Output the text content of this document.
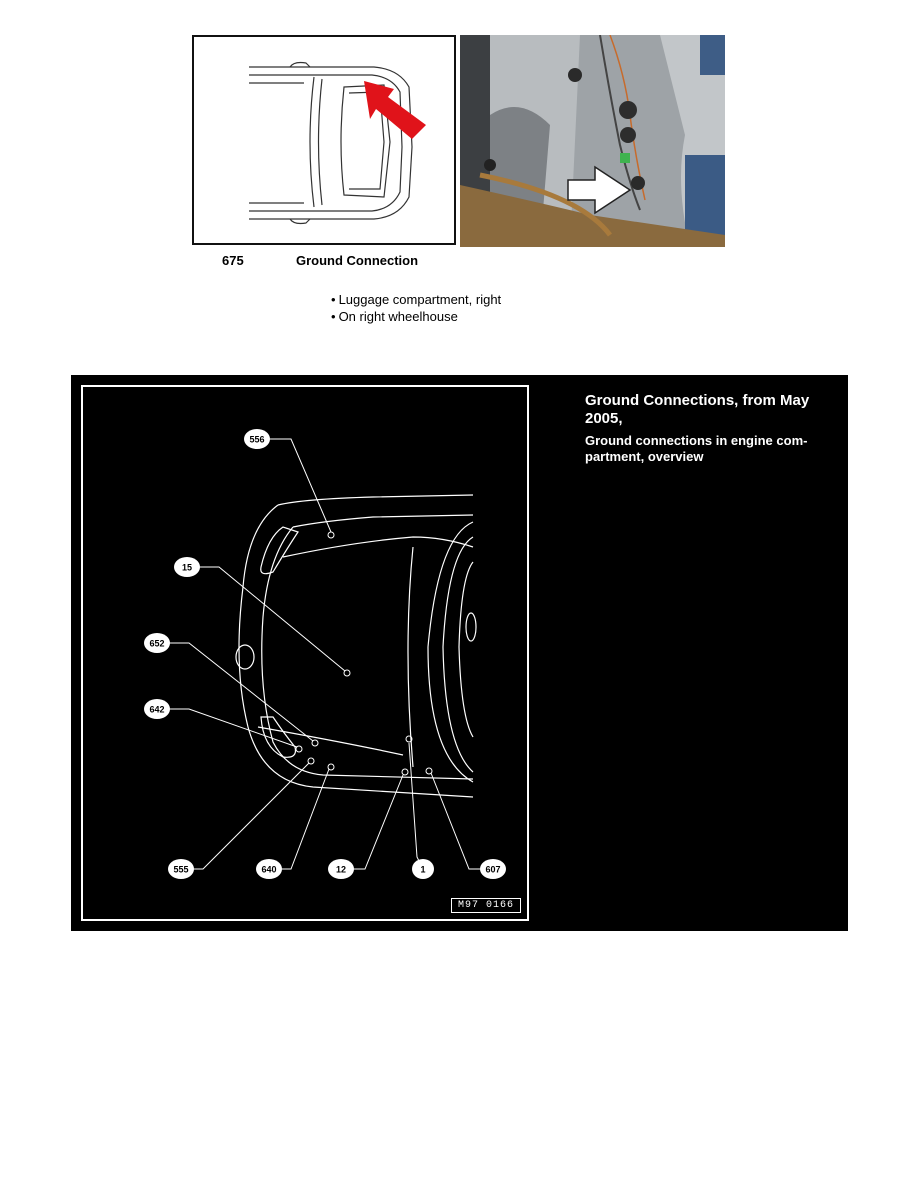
675	Ground Connection
• Luggage compartment, right
• On right wheelhouse
556
15
652
642
555	640	12	1	607
M97 0166
Ground Connections, from May 2005,
Ground connections in engine com-partment, overview
